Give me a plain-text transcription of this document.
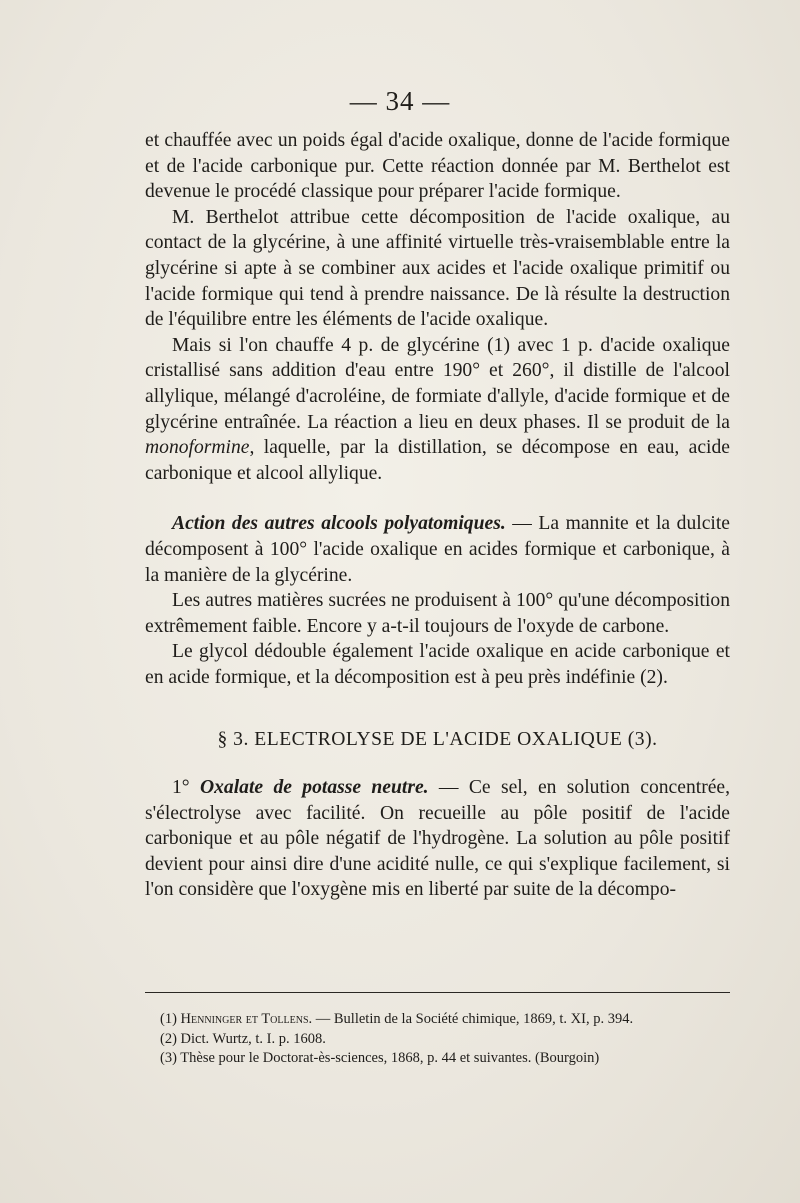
— 34 —

et chauffée avec un poids égal d'acide oxalique, donne de l'acide formique et de l'acide carbonique pur. Cette réaction donnée par M. Berthelot est devenue le procédé classique pour préparer l'acide formique.

M. Berthelot attribue cette décomposition de l'acide oxalique, au contact de la glycérine, à une affinité virtuelle très-vraisemblable entre la glycérine si apte à se combiner aux acides et l'acide oxalique primitif ou l'acide formique qui tend à prendre naissance. De là résulte la destruction de l'équilibre entre les éléments de l'acide oxalique.

Mais si l'on chauffe 4 p. de glycérine (1) avec 1 p. d'acide oxalique cristallisé sans addition d'eau entre 190° et 260°, il distille de l'alcool allylique, mélangé d'acroléine, de formiate d'allyle, d'acide formique et de glycérine entraînée. La réaction a lieu en deux phases. Il se produit de la monoformine, laquelle, par la distillation, se décompose en eau, acide carbonique et alcool allylique.

Action des autres alcools polyatomiques. — La mannite et la dulcite décomposent à 100° l'acide oxalique en acides formique et carbonique, à la manière de la glycérine.

Les autres matières sucrées ne produisent à 100° qu'une décomposition extrêmement faible. Encore y a-t-il toujours de l'oxyde de carbone.

Le glycol dédouble également l'acide oxalique en acide carbonique et en acide formique, et la décomposition est à peu près indéfinie (2).

§ 3. ELECTROLYSE DE L'ACIDE OXALIQUE (3).

1° Oxalate de potasse neutre. — Ce sel, en solution concentrée, s'électrolyse avec facilité. On recueille au pôle positif de l'acide carbonique et au pôle négatif de l'hydrogène. La solution au pôle positif devient pour ainsi dire d'une acidité nulle, ce qui s'explique facilement, si l'on considère que l'oxygène mis en liberté par suite de la décompo-

(1) Henninger et Tollens. — Bulletin de la Société chimique, 1869, t. XI, p. 394.

(2) Dict. Wurtz, t. I. p. 1608.

(3) Thèse pour le Doctorat-ès-sciences, 1868, p. 44 et suivantes. (Bourgoin)
